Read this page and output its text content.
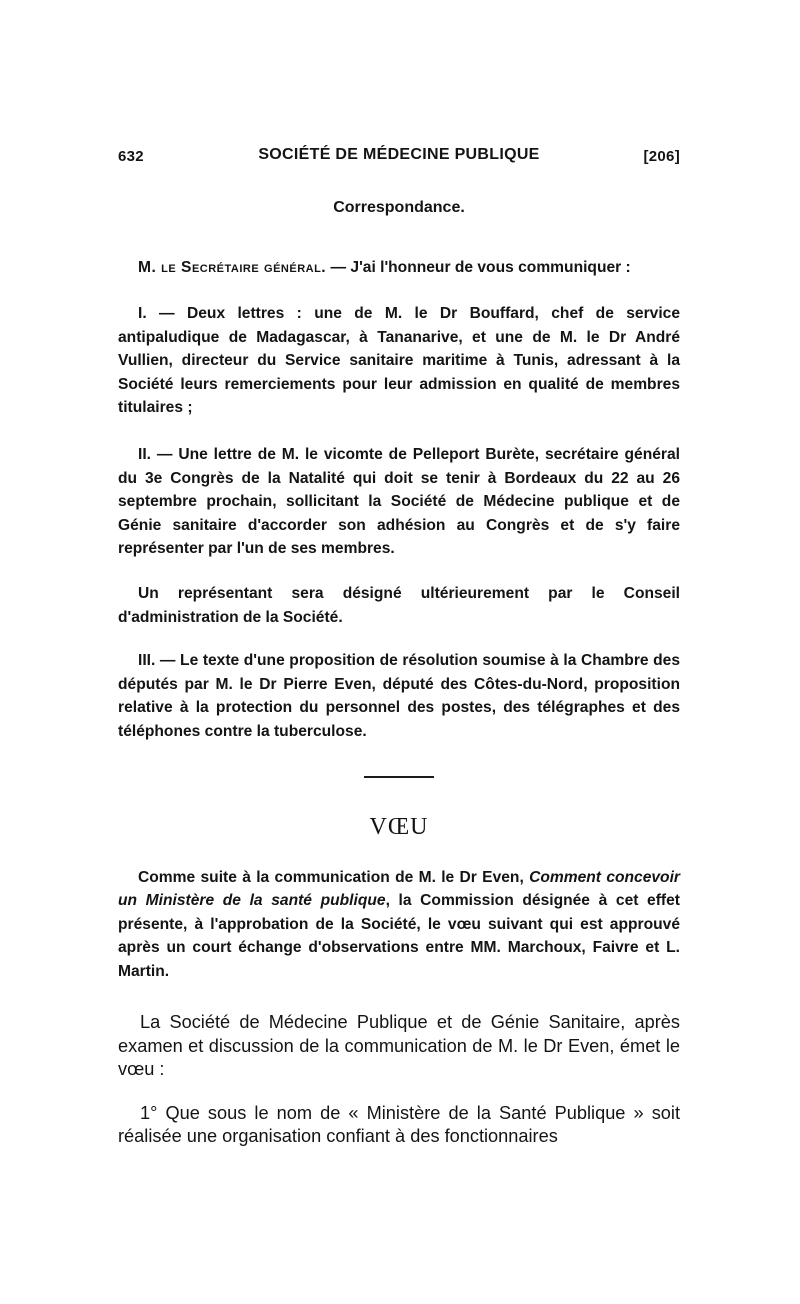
632	SOCIÉTÉ DE MÉDECINE PUBLIQUE	[206]
Correspondance.

M. le Secrétaire général. — J'ai l'honneur de vous communiquer :

I. — Deux lettres : une de M. le Dr Bouffard, chef de service antipaludique de Madagascar, à Tananarive, et une de M. le Dr André Vullien, directeur du Service sanitaire maritime à Tunis, adressant à la Société leurs remerciements pour leur admission en qualité de membres titulaires ;

II. — Une lettre de M. le vicomte de Pelleport Burète, secrétaire général du 3e Congrès de la Natalité qui doit se tenir à Bordeaux du 22 au 26 septembre prochain, sollicitant la Société de Médecine publique et de Génie sanitaire d'accorder son adhésion au Congrès et de s'y faire représenter par l'un de ses membres.

Un représentant sera désigné ultérieurement par le Conseil d'administration de la Société.

III. — Le texte d'une proposition de résolution soumise à la Chambre des députés par M. le Dr Pierre Even, député des Côtes-du-Nord, proposition relative à la protection du personnel des postes, des télégraphes et des téléphones contre la tuberculose.

VŒU

Comme suite à la communication de M. le Dr Even, Comment concevoir un Ministère de la santé publique, la Commission désignée à cet effet présente, à l'approbation de la Société, le vœu suivant qui est approuvé après un court échange d'observations entre MM. Marchoux, Faivre et L. Martin.

La Société de Médecine Publique et de Génie Sanitaire, après examen et discussion de la communication de M. le Dr Even, émet le vœu :

1° Que sous le nom de « Ministère de la Santé Publique » soit réalisée une organisation confiant à des fonctionnaires
